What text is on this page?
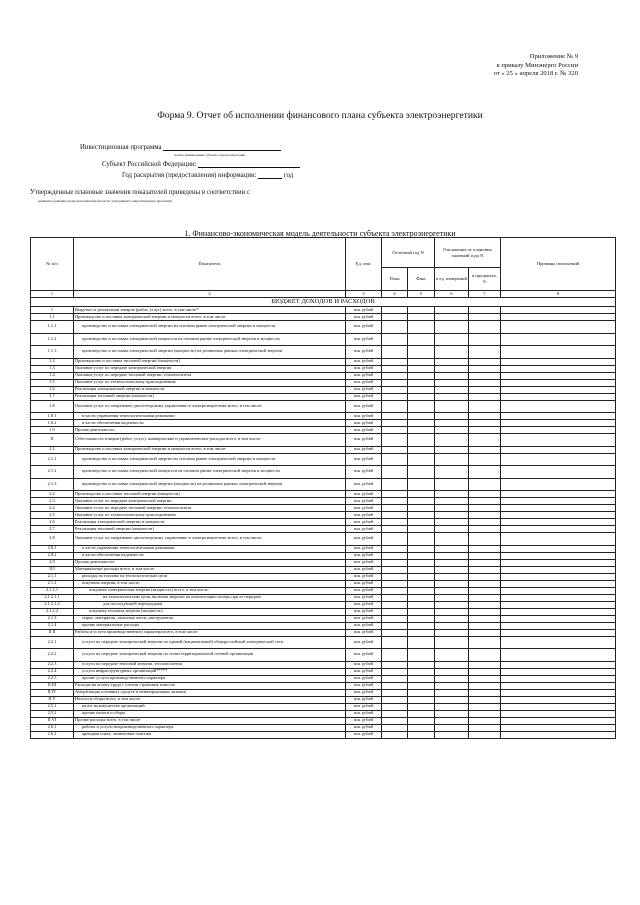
Приложение № 9
к приказу Минэнерго России
от « 25 » апреля 2018 г. № 320
Форма 9. Отчет об исполнении финансового плана субъекта электроэнергетики
Инвестиционная программа
полное наименование субъекта электроэнергетики
Субъект Российской Федерации:
Год раскрытия (предоставления) информации:	год
Утвержденные плановые значения показателей приведены в соответствии с
реквизиты решения органа исполнительной власти, утвердившего инвестиционную программу
1. Финансово-экономическая модель деятельности субъекта электроэнергетики
№ п/п	Показатель	Ед. изм.	Отчетный год N		Отклонение от плановых значений года N		Причины отклонений
			План	Факт	в ед. измерений	в процентах, %	
1	2	3	4	5	6	7	8
БЮДЖЕТ ДОХОДОВ И РАСХОДОВ							
I	Выручка от реализации товаров (работ, услуг) всего, в том числе*:	млн. рублей					
1.1	Производство и поставка электрической энергии и мощности всего, в том числе:	млн. рублей					
1.1.1	производство и поставка электрической энергии на оптовом рынке электрической энергии и мощности	млн. рублей					
1.1.2	производство и поставка электрической мощности на оптовом рынке электрической энергии и мощности	млн. рублей					
1.1.3	производство и поставка электрической энергии (мощности) на розничных рынках электрической энергии	млн. рублей					
1.2	Производство и поставка тепловой энергии (мощности)	млн. рублей					
1.3	Оказание услуг по передаче электрической энергии	млн. рублей					
1.4	Оказание услуг по передаче тепловой энергии, теплоносителя	млн. рублей					
1.5	Оказание услуг по технологическому присоединению	млн. рублей					
1.6	Реализация электрической энергии и мощности	млн. рублей					
1.7	Реализация тепловой энергии (мощности)	млн. рублей					
1.8	Оказание услуг по оперативно-диспетчерскому управлению в электроэнергетике всего, в том числе:	млн. рублей					
1.8.1	в части управления технологическими режимами	млн. рублей					
1.8.2	в части обеспечения надежности	млн. рублей					
1.9	Прочая деятельность	млн. рублей					
II	Себестоимость товаров (работ, услуг), коммерческие и управленческие расходы всего, в том числе:	млн. рублей					
2.1	Производство и поставка электрической энергии и мощности всего, в том числе:	млн. рублей					
2.1.1	производство и поставка электрической энергии на оптовом рынке электрической энергии и мощности	млн. рублей					
2.1.2	производство и поставка электрической мощности на оптовом рынке электрической энергии и мощности	млн. рублей					
2.1.3	производство и поставка электрической энергии (мощности) на розничных рынках электрической энергии	млн. рублей					
2.2	Производство и поставка тепловой энергии (мощности)	млн. рублей					
2.3	Оказание услуг по передаче электрической энергии	млн. рублей					
2.4	Оказание услуг по передаче тепловой энергии, теплоносителя	млн. рублей					
2.5	Оказание услуг по технологическому присоединению	млн. рублей					
2.6	Реализация электрической энергии и мощности	млн. рублей					
2.7	Реализация тепловой энергии (мощности)	млн. рублей					
2.8	Оказание услуг по оперативно-диспетчерскому управлению в электроэнергетике всего, в том числе:	млн. рублей					
2.8.1	в части управления технологическими режимами	млн. рублей					
2.8.2	в части обеспечения надежности	млн. рублей					
2.9	Прочая деятельность	млн. рублей					
II.I	Материальные расходы всего, в том числе:	млн. рублей					
2.1.1	расходы на топливо на технологические цели	млн. рублей					
2.1.2	покупная энергия, в том числе:	млн. рублей					
2.1.2.1	покупная электрическая энергия (мощность) всего, в том числе:	млн. рублей					
2.1.2.1.1	на технологические цели, включая энергию на компенсацию потерь при ее передаче	млн. рублей					
2.1.2.1.2	для последующей перепродажи	млн. рублей					
2.1.2.2	покупная тепловая энергия (мощность)	млн. рублей					
2.1.3	сырье, материалы, запасные части, инструменты	млн. рублей					
2.1.4	прочие материальные расходы	млн. рублей					
II.II	Работы и услуги производственного характера всего, в том числе:	млн. рублей					
2.2.1	услуги по передаче электрической энергии по единой (национальной) общероссийской электрической сети	млн. рублей					
2.2.2	услуги по передаче электрической энергии по сетям территориальной сетевой организации	млн. рублей					
2.2.3	услуги по передаче тепловой энергии, теплоносителя	млн. рублей					
2.2.4	услуги инфраструктурных организаций*****	млн. рублей					
2.2.5	прочие услуги производственного характера	млн. рублей					
II.III	Расходы на оплату труда с учетом страховых взносов	млн. рублей					
II.IV	Амортизация основных средств и нематериальных активов	млн. рублей					
II.V	Налоги и сборы всего, в том числе:	млн. рублей					
2.5.1	налог на имущество организаций	млн. рублей					
2.5.2	прочие налоги и сборы	млн. рублей					
II.VI	Прочие расходы всего, в том числе:	млн. рублей					
2.6.1	работы и услуги непроизводственного характера	млн. рублей					
2.6.2	арендная плата, лизинговые платежи	млн. рублей					
